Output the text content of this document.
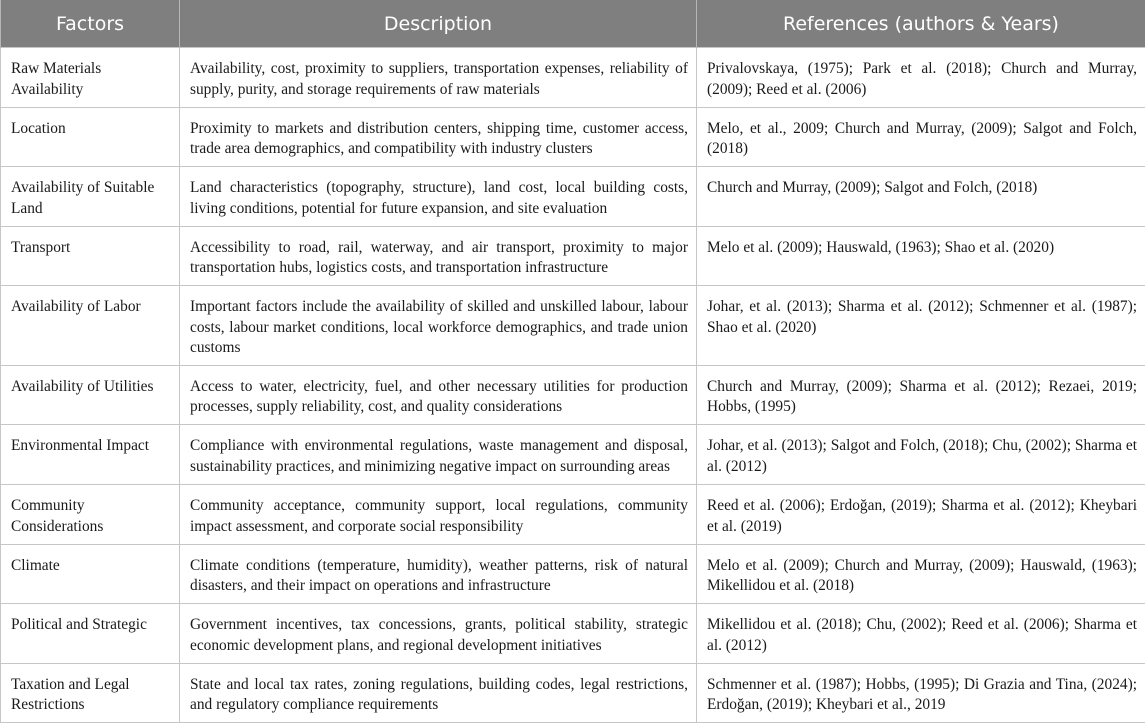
Factors	Description	References (authors & Years)
Raw Materials Availability	Availability, cost, proximity to suppliers, transportation expenses, reliability of supply, purity, and storage requirements of raw materials	Privalovskaya, (1975); Park et al. (2018); Church and Murray, (2009); Reed et al. (2006)
Location	Proximity to markets and distribution centers, shipping time, customer access, trade area demographics, and compatibility with industry clusters	Melo, et al., 2009; Church and Murray, (2009); Salgot and Folch, (2018)
Availability of Suitable Land	Land characteristics (topography, structure), land cost, local building costs, living conditions, potential for future expansion, and site evaluation	Church and Murray, (2009); Salgot and Folch, (2018)
Transport	Accessibility to road, rail, waterway, and air transport, proximity to major transportation hubs, logistics costs, and transportation infrastructure	Melo et al. (2009); Hauswald, (1963); Shao et al. (2020)
Availability of Labor	Important factors include the availability of skilled and unskilled labour, labour costs, labour market conditions, local workforce demographics, and trade union customs	Johar, et al. (2013); Sharma et al. (2012); Schmenner et al. (1987); Shao et al. (2020)
Availability of Utilities	Access to water, electricity, fuel, and other necessary utilities for production processes, supply reliability, cost, and quality considerations	Church and Murray, (2009); Sharma et al. (2012); Rezaei, 2019; Hobbs, (1995)
Environmental Impact	Compliance with environmental regulations, waste management and disposal, sustainability practices, and minimizing negative impact on surrounding areas	Johar, et al. (2013); Salgot and Folch, (2018); Chu, (2002); Sharma et al. (2012)
Community Considerations	Community acceptance, community support, local regulations, community impact assessment, and corporate social responsibility	Reed et al. (2006); Erdoğan, (2019); Sharma et al. (2012); Kheybari et al. (2019)
Climate	Climate conditions (temperature, humidity), weather patterns, risk of natural disasters, and their impact on operations and infrastructure	Melo et al. (2009); Church and Murray, (2009); Hauswald, (1963); Mikellidou et al. (2018)
Political and Strategic	Government incentives, tax concessions, grants, political stability, strategic economic development plans, and regional development initiatives	Mikellidou et al. (2018); Chu, (2002); Reed et al. (2006); Sharma et al. (2012)
Taxation and Legal Restrictions	State and local tax rates, zoning regulations, building codes, legal restrictions, and regulatory compliance requirements	Schmenner et al. (1987); Hobbs, (1995); Di Grazia and Tina, (2024); Erdoğan, (2019); Kheybari et al., 2019
